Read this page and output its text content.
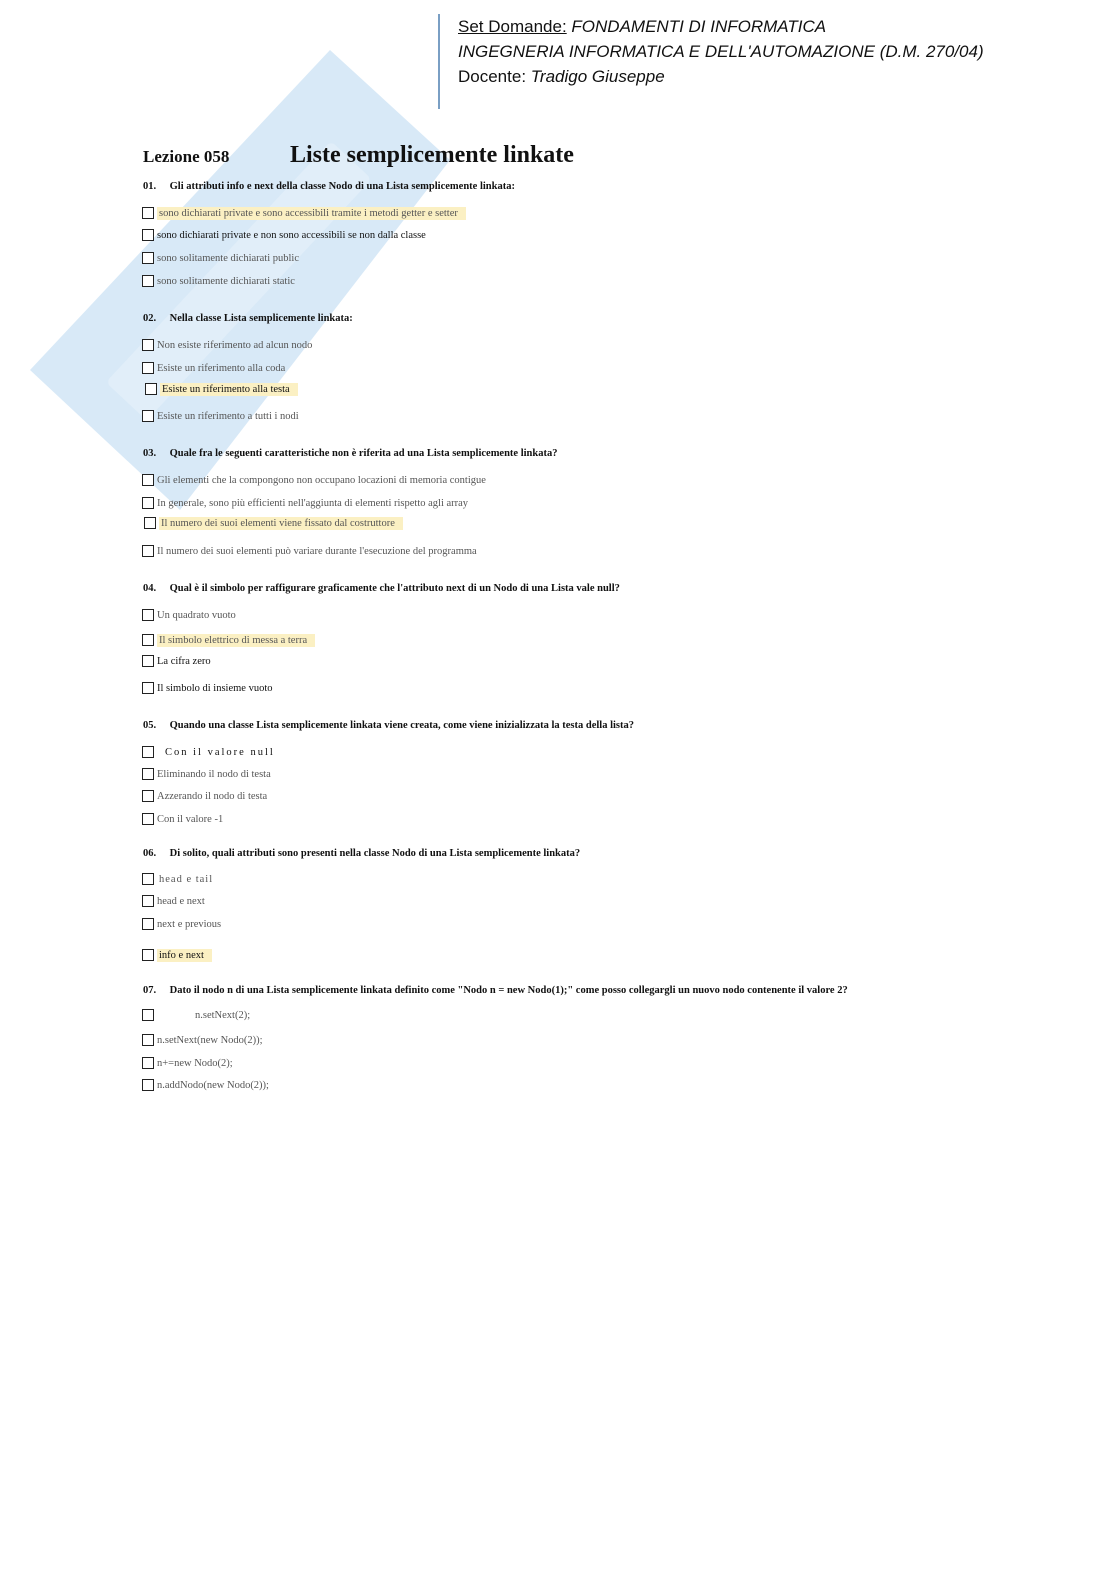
Set Domande: FONDAMENTI DI INFORMATICA
INGEGNERIA INFORMATICA E DELL'AUTOMAZIONE (D.M. 270/04)
Docente: Tradigo Giuseppe
Lezione 058	Liste semplicemente linkate
01. Gli attributi info e next della classe Nodo di una Lista semplicemente linkata:
sono dichiarati private e sono accessibili tramite i metodi getter e setter
sono dichiarati private e non sono accessibili se non dalla classe
sono solitamente dichiarati public
sono solitamente dichiarati static
02. Nella classe Lista semplicemente linkata:
Non esiste riferimento ad alcun nodo
Esiste un riferimento alla coda
Esiste un riferimento alla testa
Esiste un riferimento a tutti i nodi
03. Quale fra le seguenti caratteristiche non è riferita ad una Lista semplicemente linkata?
Gli elementi che la compongono non occupano locazioni di memoria contigue
In generale, sono più efficienti nell'aggiunta di elementi rispetto agli array
Il numero dei suoi elementi viene fissato dal costruttore
Il numero dei suoi elementi può variare durante l'esecuzione del programma
04. Qual è il simbolo per raffigurare graficamente che l'attributo next di un Nodo di una Lista vale null?
Un quadrato vuoto
Il simbolo elettrico di messa a terra
La cifra zero
Il simbolo di insieme vuoto
05. Quando una classe Lista semplicemente linkata viene creata, come viene inizializzata la testa della lista?
Con il valore null
Eliminando il nodo di testa
Azzerando il nodo di testa
Con il valore -1
06. Di solito, quali attributi sono presenti nella classe Nodo di una Lista semplicemente linkata?
head e tail
head e next
next e previous
info e next
07. Dato il nodo n di una Lista semplicemente linkata definito come "Nodo n = new Nodo(1);" come posso collegargli un nuovo nodo contenente il valore 2?
n.setNext(2);
n.setNext(new Nodo(2));
n+=new Nodo(2);
n.addNodo(new Nodo(2));
